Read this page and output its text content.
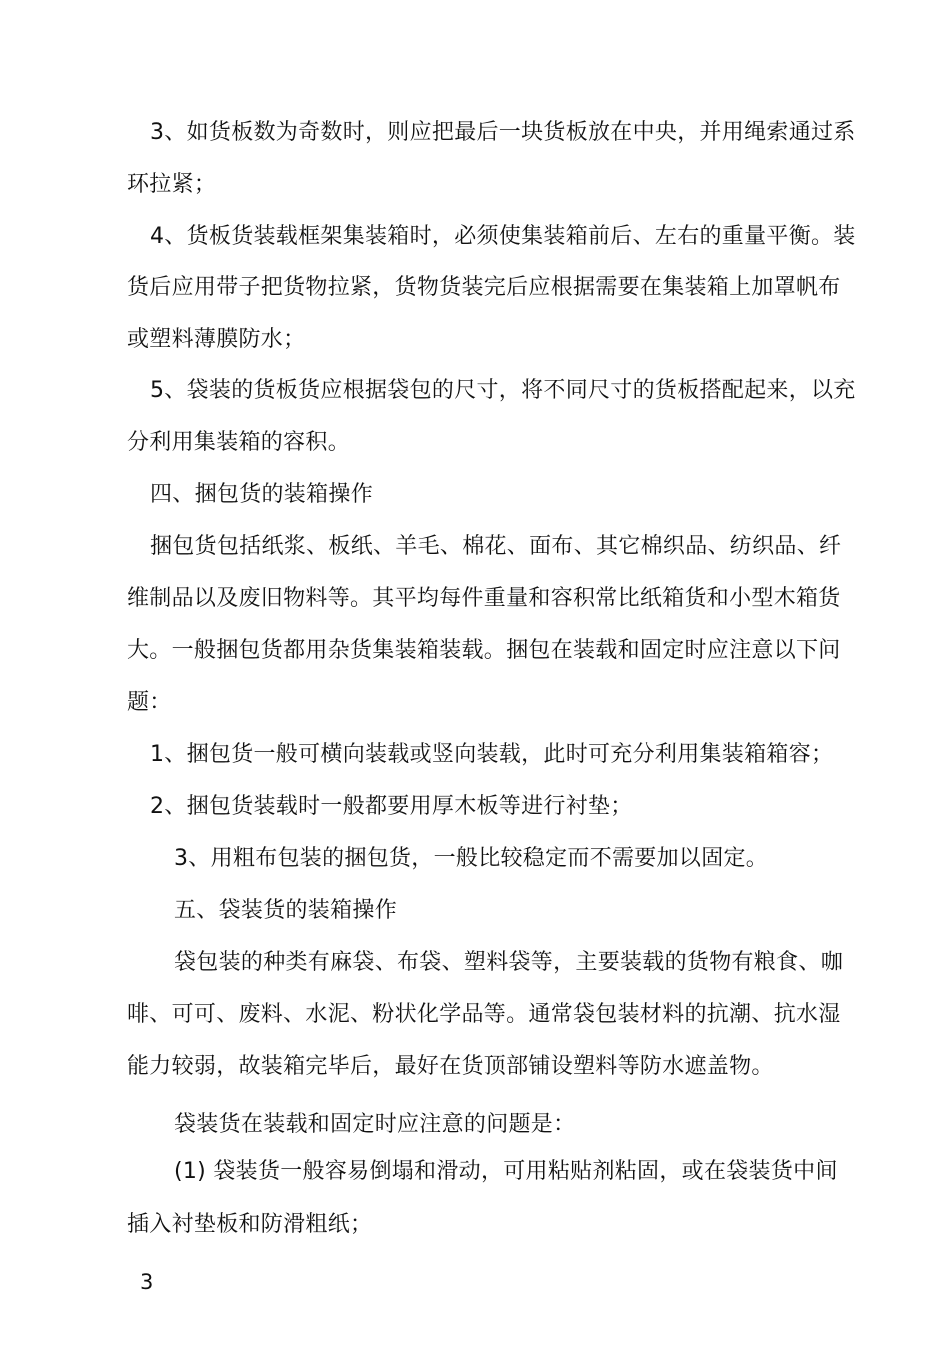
3、如货板数为奇数时，则应把最后一块货板放在中央，并用绳索通过系
环拉紧；
4、货板货装载框架集装箱时，必须使集装箱前后、左右的重量平衡。装
货后应用带子把货物拉紧，货物货装完后应根据需要在集装箱上加罩帆布
或塑料薄膜防水；
5、袋装的货板货应根据袋包的尺寸，将不同尺寸的货板搭配起来，以充
分利用集装箱的容积。
四、捆包货的装箱操作
捆包货包括纸浆、板纸、羊毛、棉花、面布、其它棉织品、纺织品、纤
维制品以及废旧物料等。其平均每件重量和容积常比纸箱货和小型木箱货
大。一般捆包货都用杂货集装箱装载。捆包在装载和固定时应注意以下问
题：
1、捆包货一般可横向装载或竖向装载，此时可充分利用集装箱箱容；
2、捆包货装载时一般都要用厚木板等进行衬垫；
3、用粗布包装的捆包货，一般比较稳定而不需要加以固定。
五、袋装货的装箱操作
袋包装的种类有麻袋、布袋、塑料袋等，主要装载的货物有粮食、咖
啡、可可、废料、水泥、粉状化学品等。通常袋包装材料的抗潮、抗水湿
能力较弱，故装箱完毕后，最好在货顶部铺设塑料等防水遮盖物。
袋装货在装载和固定时应注意的问题是：
(1) 袋装货一般容易倒塌和滑动，可用粘贴剂粘固，或在袋装货中间
插入衬垫板和防滑粗纸；
3
